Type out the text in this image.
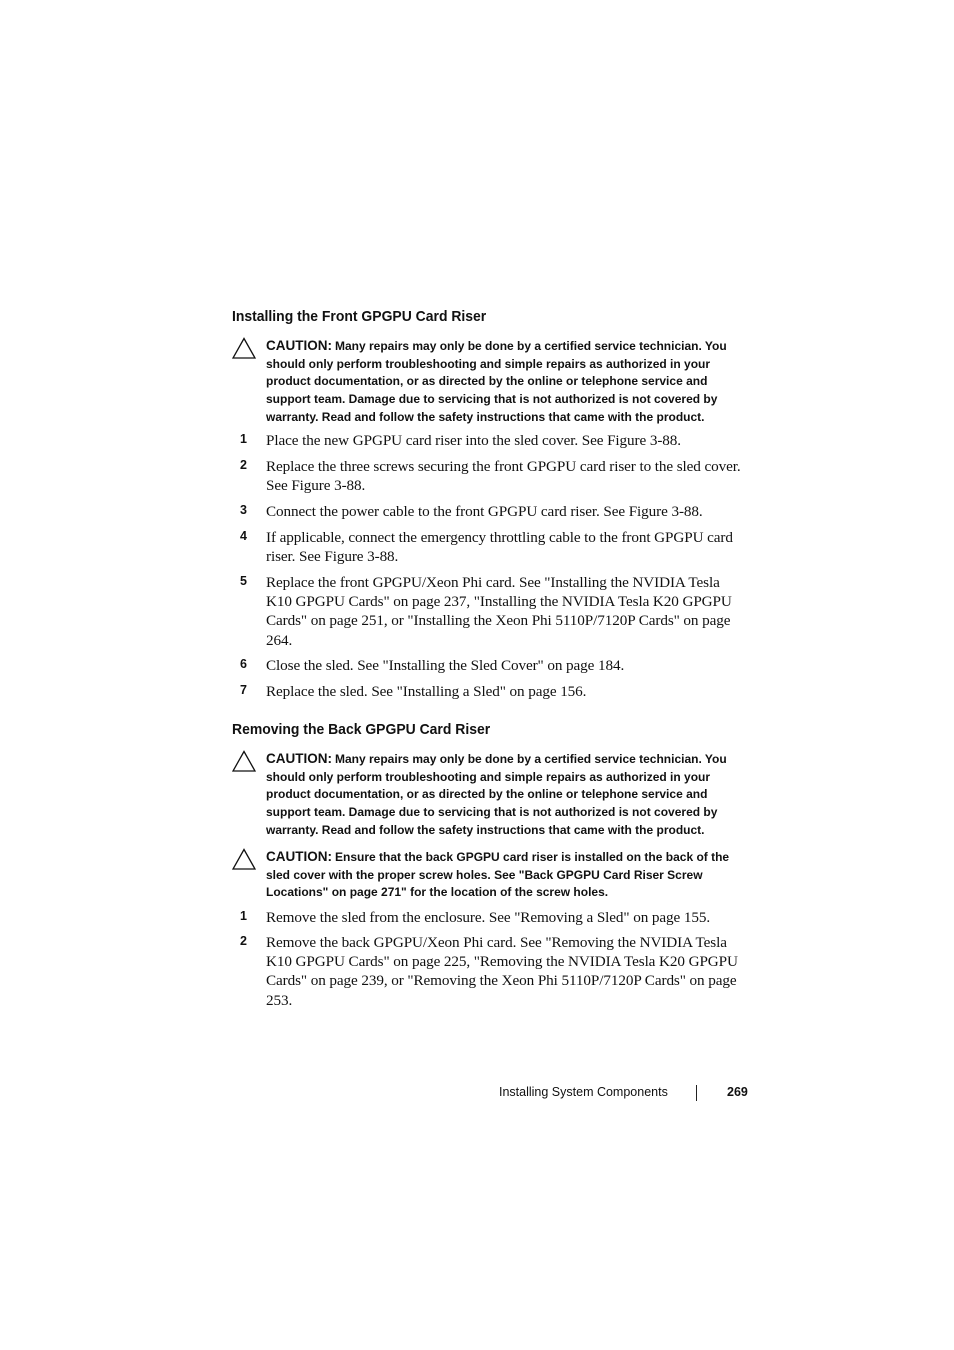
Installing the Front GPGPU Card Riser
CAUTION: Many repairs may only be done by a certified service technician. You should only perform troubleshooting and simple repairs as authorized in your product documentation, or as directed by the online or telephone service and support team. Damage due to servicing that is not authorized is not covered by warranty. Read and follow the safety instructions that came with the product.
1 Place the new GPGPU card riser into the sled cover. See Figure 3-88.
2 Replace the three screws securing the front GPGPU card riser to the sled cover. See Figure 3-88.
3 Connect the power cable to the front GPGPU card riser. See Figure 3-88.
4 If applicable, connect the emergency throttling cable to the front GPGPU card riser. See Figure 3-88.
5 Replace the front GPGPU/Xeon Phi card. See "Installing the NVIDIA Tesla K10 GPGPU Cards" on page 237, "Installing the NVIDIA Tesla K20 GPGPU Cards" on page 251, or "Installing the Xeon Phi 5110P/7120P Cards" on page 264.
6 Close the sled. See "Installing the Sled Cover" on page 184.
7 Replace the sled. See "Installing a Sled" on page 156.
Removing the Back GPGPU Card Riser
CAUTION: Many repairs may only be done by a certified service technician. You should only perform troubleshooting and simple repairs as authorized in your product documentation, or as directed by the online or telephone service and support team. Damage due to servicing that is not authorized is not covered by warranty. Read and follow the safety instructions that came with the product.
CAUTION: Ensure that the back GPGPU card riser is installed on the back of the sled cover with the proper screw holes. See "Back GPGPU Card Riser Screw Locations" on page 271" for the location of the screw holes.
1 Remove the sled from the enclosure. See "Removing a Sled" on page 155.
2 Remove the back GPGPU/Xeon Phi card. See "Removing the NVIDIA Tesla K10 GPGPU Cards" on page 225, "Removing the NVIDIA Tesla K20 GPGPU Cards" on page 239, or "Removing the Xeon Phi 5110P/7120P Cards" on page 253.
Installing System Components	269
